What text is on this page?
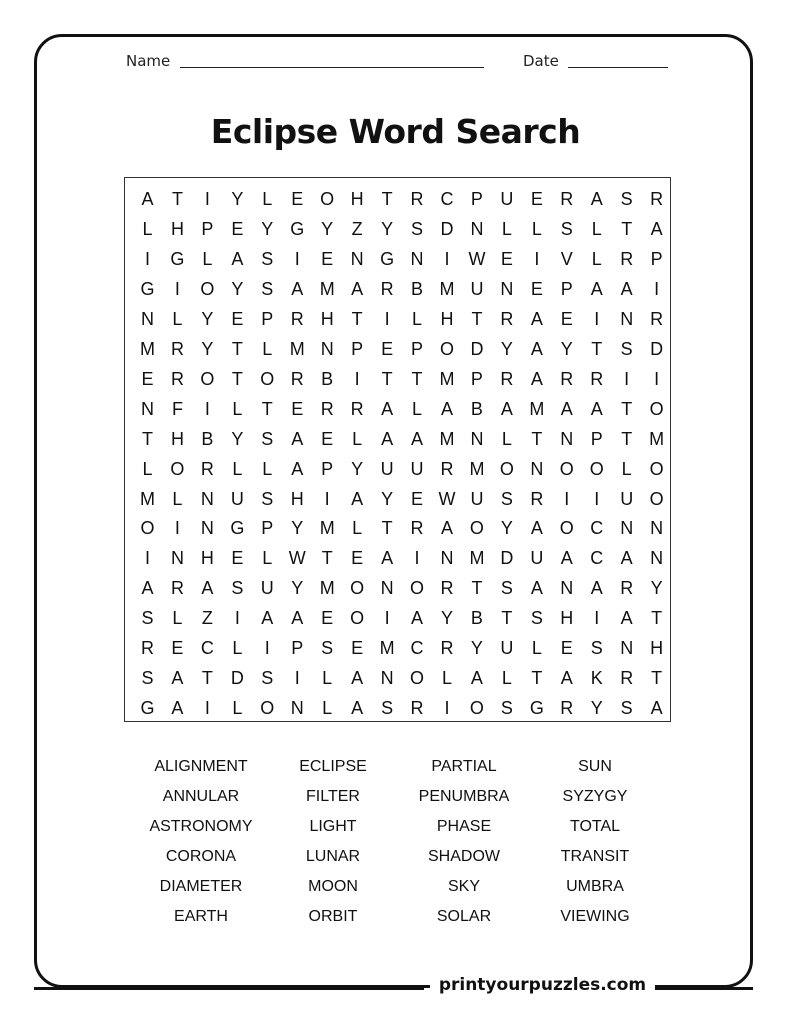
Name	Date
Eclipse Word Search
A	T	I	Y	L	E O H T R C P U E R A S R
L	H P E Y G Y	Z	Y S D N	L	L	S	L	T	A
I	G L	A S	I	E N G N	I	W E	I	V	L	R P
G	I	O Y S A M A R B M U N E P A A	I
N	L	Y E P R H T	I	L	H T R A E	I	N R
M R Y	T	L M N P E P O D Y A Y	T	S D
E R O T O R B	I	T	T M P R A R R	I	I
N F	I	L	T	E R R A	L	A B A M A A	T O
T H B Y S A E	L	A A M N	L	T N P	T M
L O R	L	L	A P Y U U R M O N O O L O
M L	N U S H	I	A Y E W U S R	I	I	U O
O	I	N G P Y M L	T R A O Y A O C N N
I	N H E	L W T	E A	I	N M D U A C A N
A R A S U Y M O N O R T	S A N A R Y
S	L	Z	I	A A E O	I	A Y B	T	S H	I	A	T
R E C	L	I	P S E M C R Y U	L	E S N H
S A	T D S	I	L	A N O L	A	L	T	A K R T
G A	I	L O N	L	A S R	I	O S G R Y S A
ALIGNMENT
ANNULAR
ASTRONOMY
CORONA
DIAMETER
EARTH
ECLIPSE
FILTER
LIGHT
LUNAR
MOON
ORBIT
PARTIAL
PENUMBRA
PHASE
SHADOW
SKY
SOLAR
SUN
SYZYGY
TOTAL
TRANSIT
UMBRA
VIEWING
printyourpuzzles.com
